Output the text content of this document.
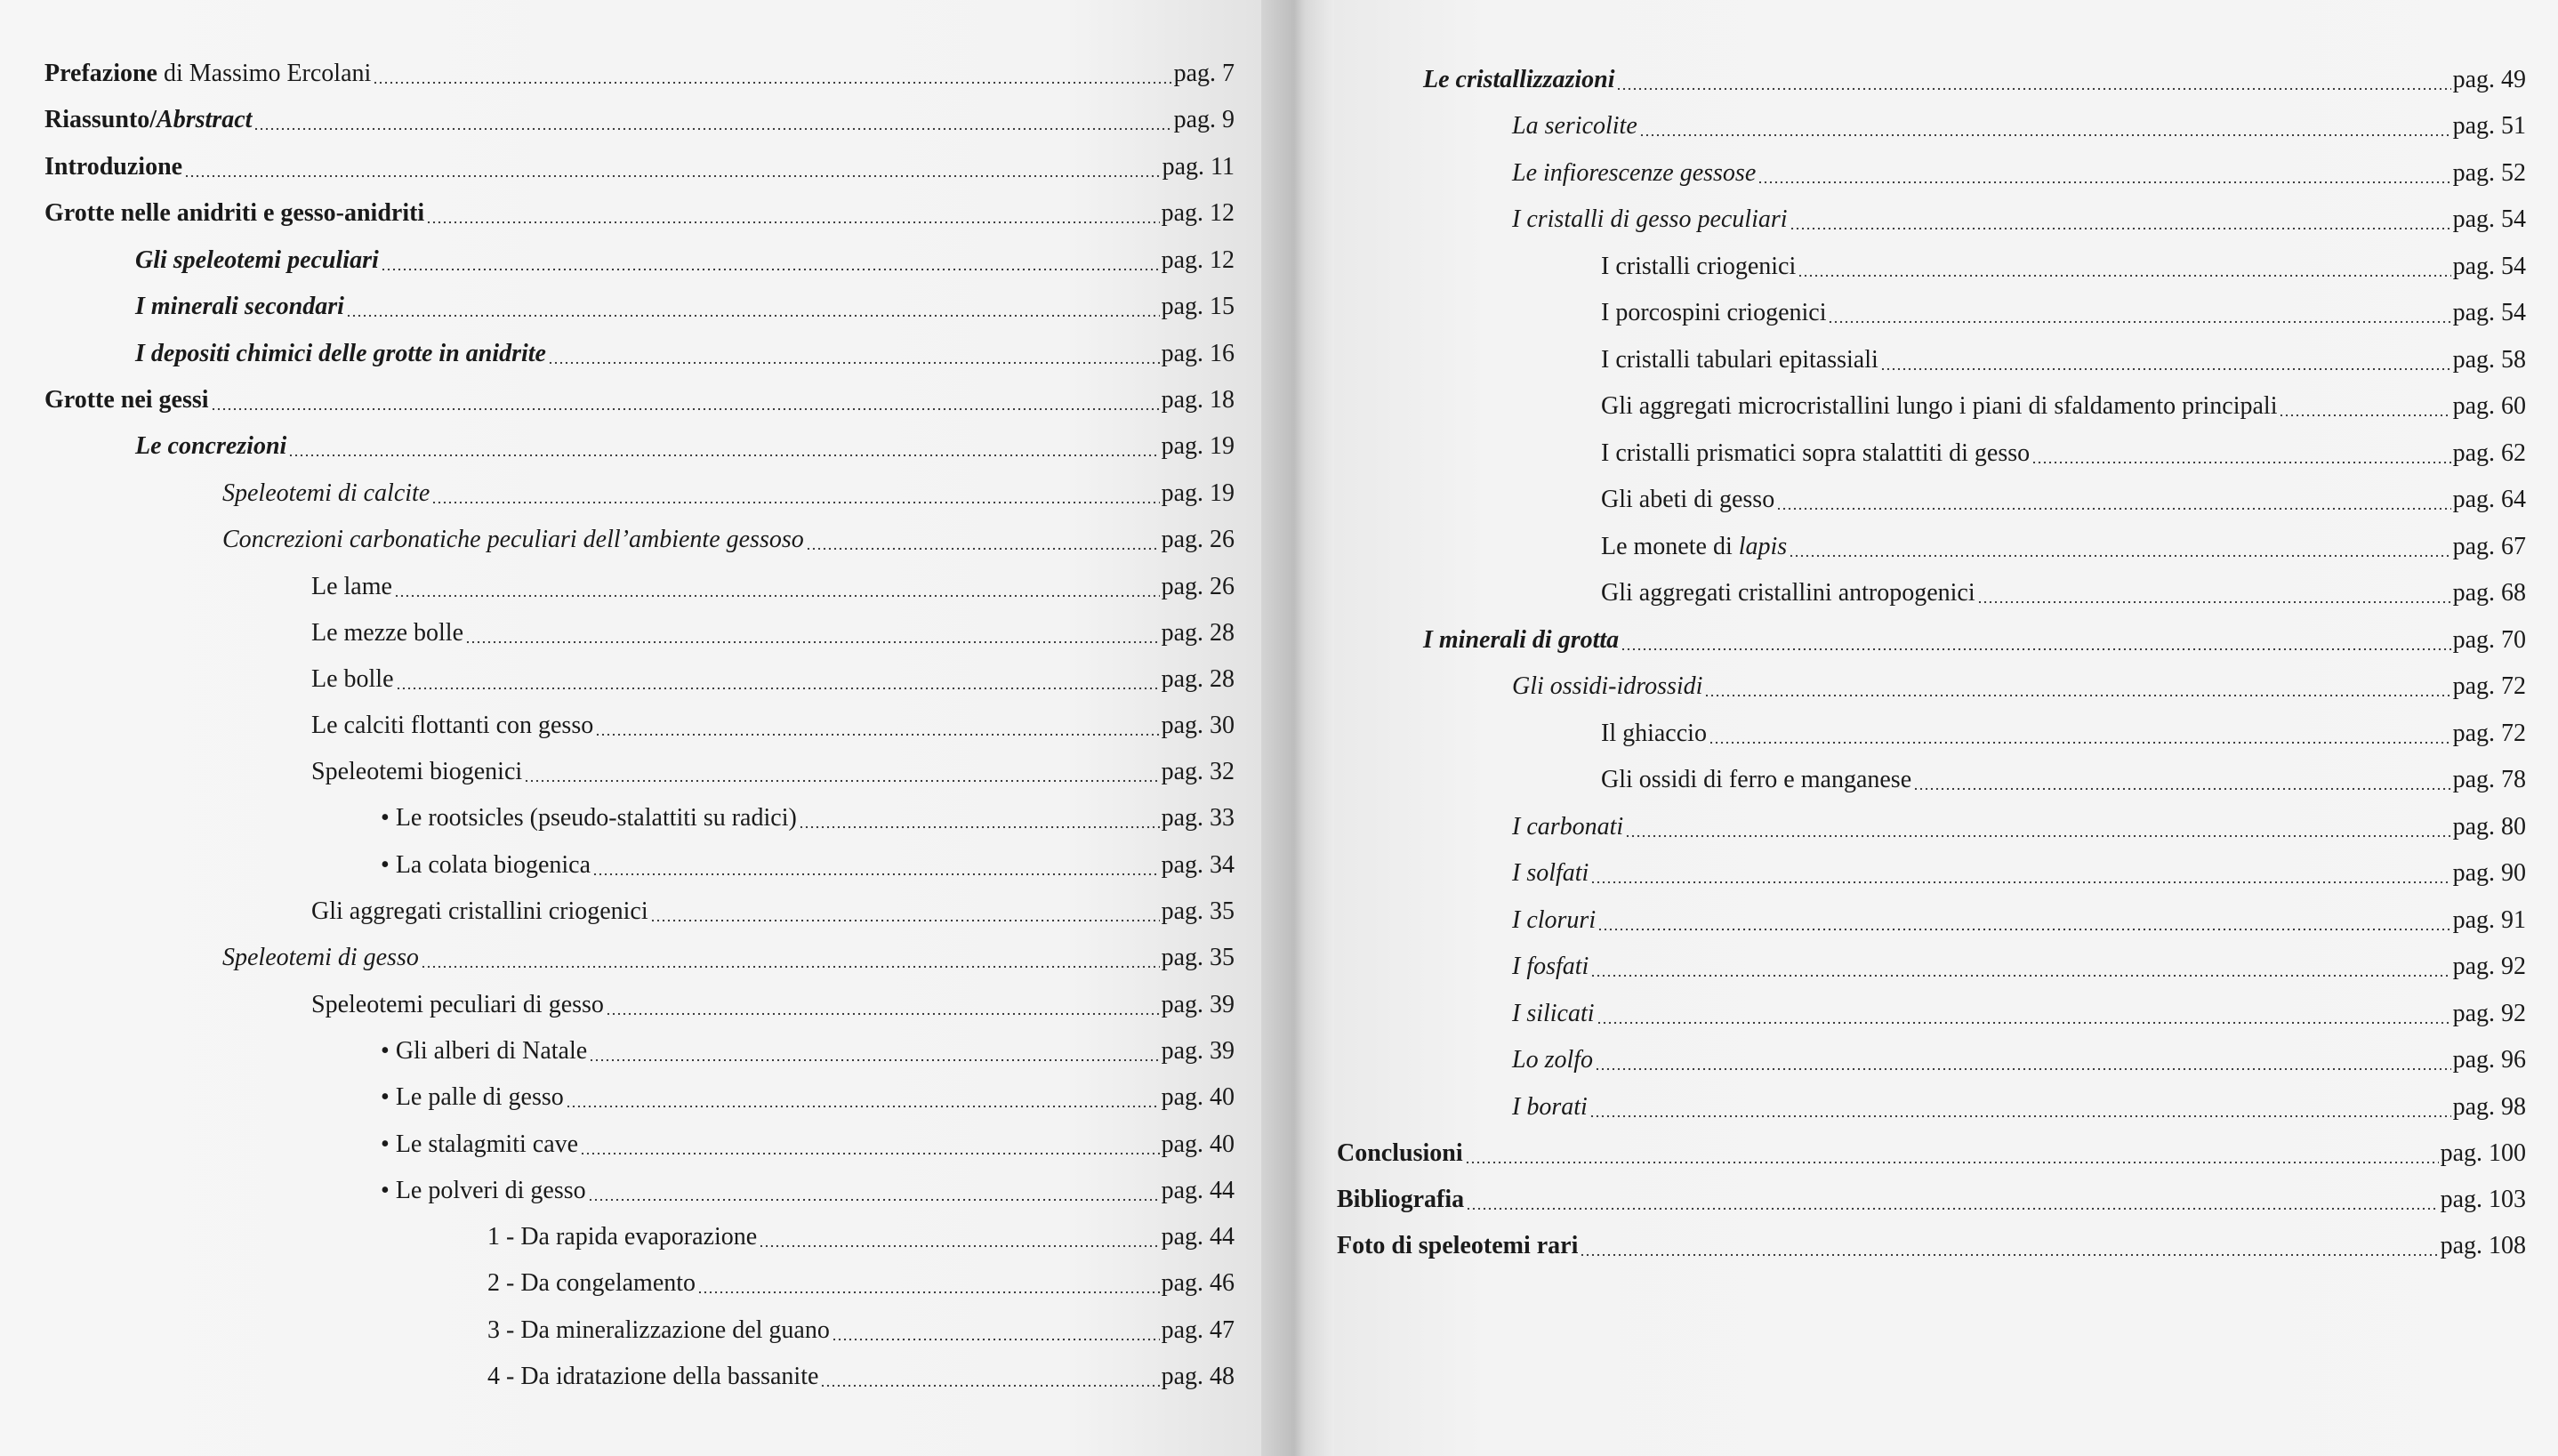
Prefazione di Massimo Ercolani	pag. 7
Riassunto/Abrstract	pag. 9
Introduzione	pag. 11
Grotte nelle anidriti e gesso-anidriti	pag. 12
Gli speleotemi peculiari	pag. 12
I minerali secondari	pag. 15
I depositi chimici delle grotte in anidrite	pag. 16
Grotte nei gessi	pag. 18
Le concrezioni	pag. 19
Speleotemi di calcite	pag. 19
Concrezioni carbonatiche peculiari dell’ambiente gessoso	pag. 26
Le lame	pag. 26
Le mezze bolle	pag. 28
Le bolle	pag. 28
Le calciti flottanti con gesso	pag. 30
Speleotemi biogenici	pag. 32
• Le rootsicles (pseudo-stalattiti su radici)	pag. 33
• La colata biogenica	pag. 34
Gli aggregati cristallini criogenici	pag. 35
Speleotemi di gesso	pag. 35
Speleotemi peculiari di gesso	pag. 39
• Gli alberi di Natale	pag. 39
• Le palle di gesso	pag. 40
• Le stalagmiti cave	pag. 40
• Le polveri di gesso	pag. 44
1 - Da rapida evaporazione	pag. 44
2 - Da congelamento	pag. 46
3 - Da mineralizzazione del guano	pag. 47
4 - Da idratazione della bassanite	pag. 48
Le cristallizzazioni	pag. 49
La sericolite	pag. 51
Le infiorescenze gessose	pag. 52
I cristalli di gesso peculiari	pag. 54
I cristalli criogenici	pag. 54
I porcospini criogenici	pag. 54
I cristalli tabulari epitassiali	pag. 58
Gli aggregati microcristallini lungo i piani di sfaldamento principali	pag. 60
I cristalli prismatici sopra stalattiti di gesso	pag. 62
Gli abeti di gesso	pag. 64
Le monete di lapis	pag. 67
Gli aggregati cristallini antropogenici	pag. 68
I minerali di grotta	pag. 70
Gli ossidi-idrossidi	pag. 72
Il ghiaccio	pag. 72
Gli ossidi di ferro e manganese	pag. 78
I carbonati	pag. 80
I solfati	pag. 90
I cloruri	pag. 91
I fosfati	pag. 92
I silicati	pag. 92
Lo zolfo	pag. 96
I borati	pag. 98
Conclusioni	pag. 100
Bibliografia	pag. 103
Foto di speleotemi rari	pag. 108
